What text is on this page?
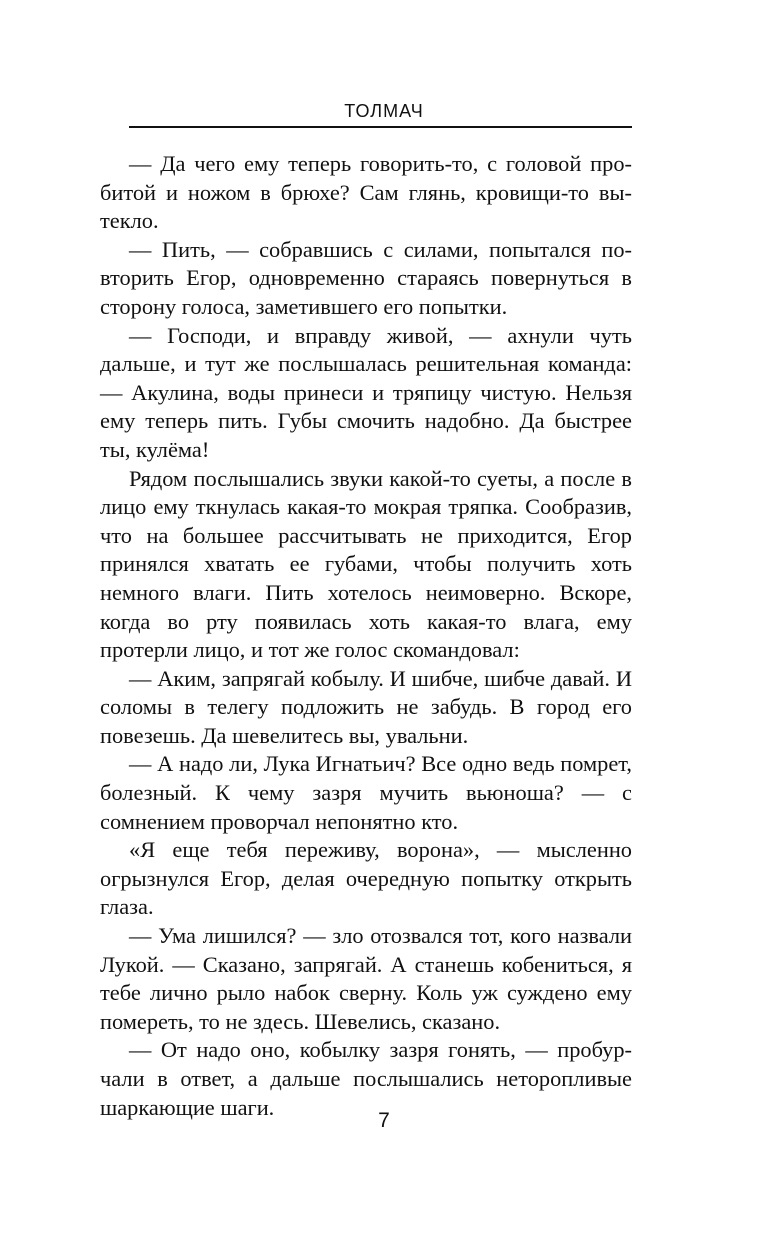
ТОЛМАЧ

— Да чего ему теперь говорить-то, с головой пробитой и ножом в брюхе? Сам глянь, кровищи-то вытекло.

— Пить, — собравшись с силами, попытался повторить Егор, одновременно стараясь повернуться в сторону голоса, заметившего его попытки.

— Господи, и вправду живой, — ахнули чуть дальше, и тут же послышалась решительная команда: — Акулина, воды принеси и тряпицу чистую. Нельзя ему теперь пить. Губы смочить надобно. Да быстрее ты, кулёма!

Рядом послышались звуки какой-то суеты, а после в лицо ему ткнулась какая-то мокрая тряпка. Сообразив, что на большее рассчитывать не приходится, Егор принялся хватать ее губами, чтобы получить хоть немного влаги. Пить хотелось неимоверно. Вскоре, когда во рту появилась хоть какая-то влага, ему протерли лицо, и тот же голос скомандовал:

— Аким, запрягай кобылу. И шибче, шибче давай. И соломы в телегу подложить не забудь. В город его повезешь. Да шевелитесь вы, увальни.

— А надо ли, Лука Игнатьич? Все одно ведь помрет, болезный. К чему зазря мучить вьюноша? — с сомнением проворчал непонятно кто.

«Я еще тебя переживу, ворона», — мысленно огрызнулся Егор, делая очередную попытку открыть глаза.

— Ума лишился? — зло отозвался тот, кого назвали Лукой. — Сказано, запрягай. А станешь кобениться, я тебе лично рыло набок сверну. Коль уж суждено ему помереть, то не здесь. Шевелись, сказано.

— От надо оно, кобылку зазря гонять, — пробурчали в ответ, а дальше послышались неторопливые шаркающие шаги.

7
